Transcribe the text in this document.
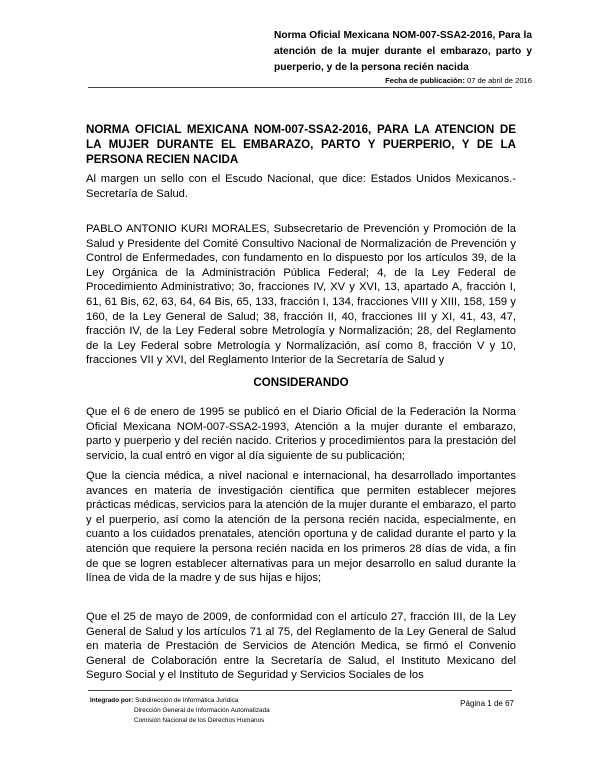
Norma Oficial Mexicana NOM-007-SSA2-2016, Para la
atención de la mujer durante el embarazo, parto y
puerperio, y de la persona recién nacida
Fecha de publicación: 07 de abril de 2016
NORMA OFICIAL MEXICANA NOM-007-SSA2-2016, PARA LA ATENCION DE LA MUJER DURANTE EL EMBARAZO, PARTO Y PUERPERIO, Y DE LA PERSONA RECIEN NACIDA
Al margen un sello con el Escudo Nacional, que dice: Estados Unidos Mexicanos.- Secretaría de Salud.
PABLO ANTONIO KURI MORALES, Subsecretario de Prevención y Promoción de la Salud y Presidente del Comité Consultivo Nacional de Normalización de Prevención y Control de Enfermedades, con fundamento en lo dispuesto por los artículos 39, de la Ley Orgánica de la Administración Pública Federal; 4, de la Ley Federal de Procedimiento Administrativo; 3o, fracciones IV, XV y XVI, 13, apartado A, fracción I, 61, 61 Bis, 62, 63, 64, 64 Bis, 65, 133, fracción I, 134, fracciones VIII y XIII, 158, 159 y 160, de la Ley General de Salud; 38, fracción II, 40, fracciones III y XI, 41, 43, 47, fracción IV, de la Ley Federal sobre Metrología y Normalización; 28, del Reglamento de la Ley Federal sobre Metrología y Normalización, así como 8, fracción V y 10, fracciones VII y XVI, del Reglamento Interior de la Secretaría de Salud y
CONSIDERANDO
Que el 6 de enero de 1995 se publicó en el Diario Oficial de la Federación la Norma Oficial Mexicana NOM-007-SSA2-1993, Atención a la mujer durante el embarazo, parto y puerperio y del recién nacido. Criterios y procedimientos para la prestación del servicio, la cual entró en vigor al día siguiente de su publicación;
Que la ciencia médica, a nivel nacional e internacional, ha desarrollado importantes avances en materia de investigación científica que permiten establecer mejores prácticas médicas, servicios para la atención de la mujer durante el embarazo, el parto y el puerperio, así como la atención de la persona recién nacida, especialmente, en cuanto a los cuidados prenatales, atención oportuna y de calidad durante el parto y la atención que requiere la persona recién nacida en los primeros 28 días de vida, a fin de que se logren establecer alternativas para un mejor desarrollo en salud durante la línea de vida de la madre y de sus hijas e hijos;
Que el 25 de mayo de 2009, de conformidad con el artículo 27, fracción III, de la Ley General de Salud y los artículos 71 al 75, del Reglamento de la Ley General de Salud en materia de Prestación de Servicios de Atención Medica, se firmó el Convenio General de Colaboración entre la Secretaría de Salud, el Instituto Mexicano del Seguro Social y el Instituto de Seguridad y Servicios Sociales de los
Integrado por: Subdirección de Informática Jurídica
Dirección General de Información Automatizada
Comisión Nacional de los Derechos Humanos
Página 1 de 67
